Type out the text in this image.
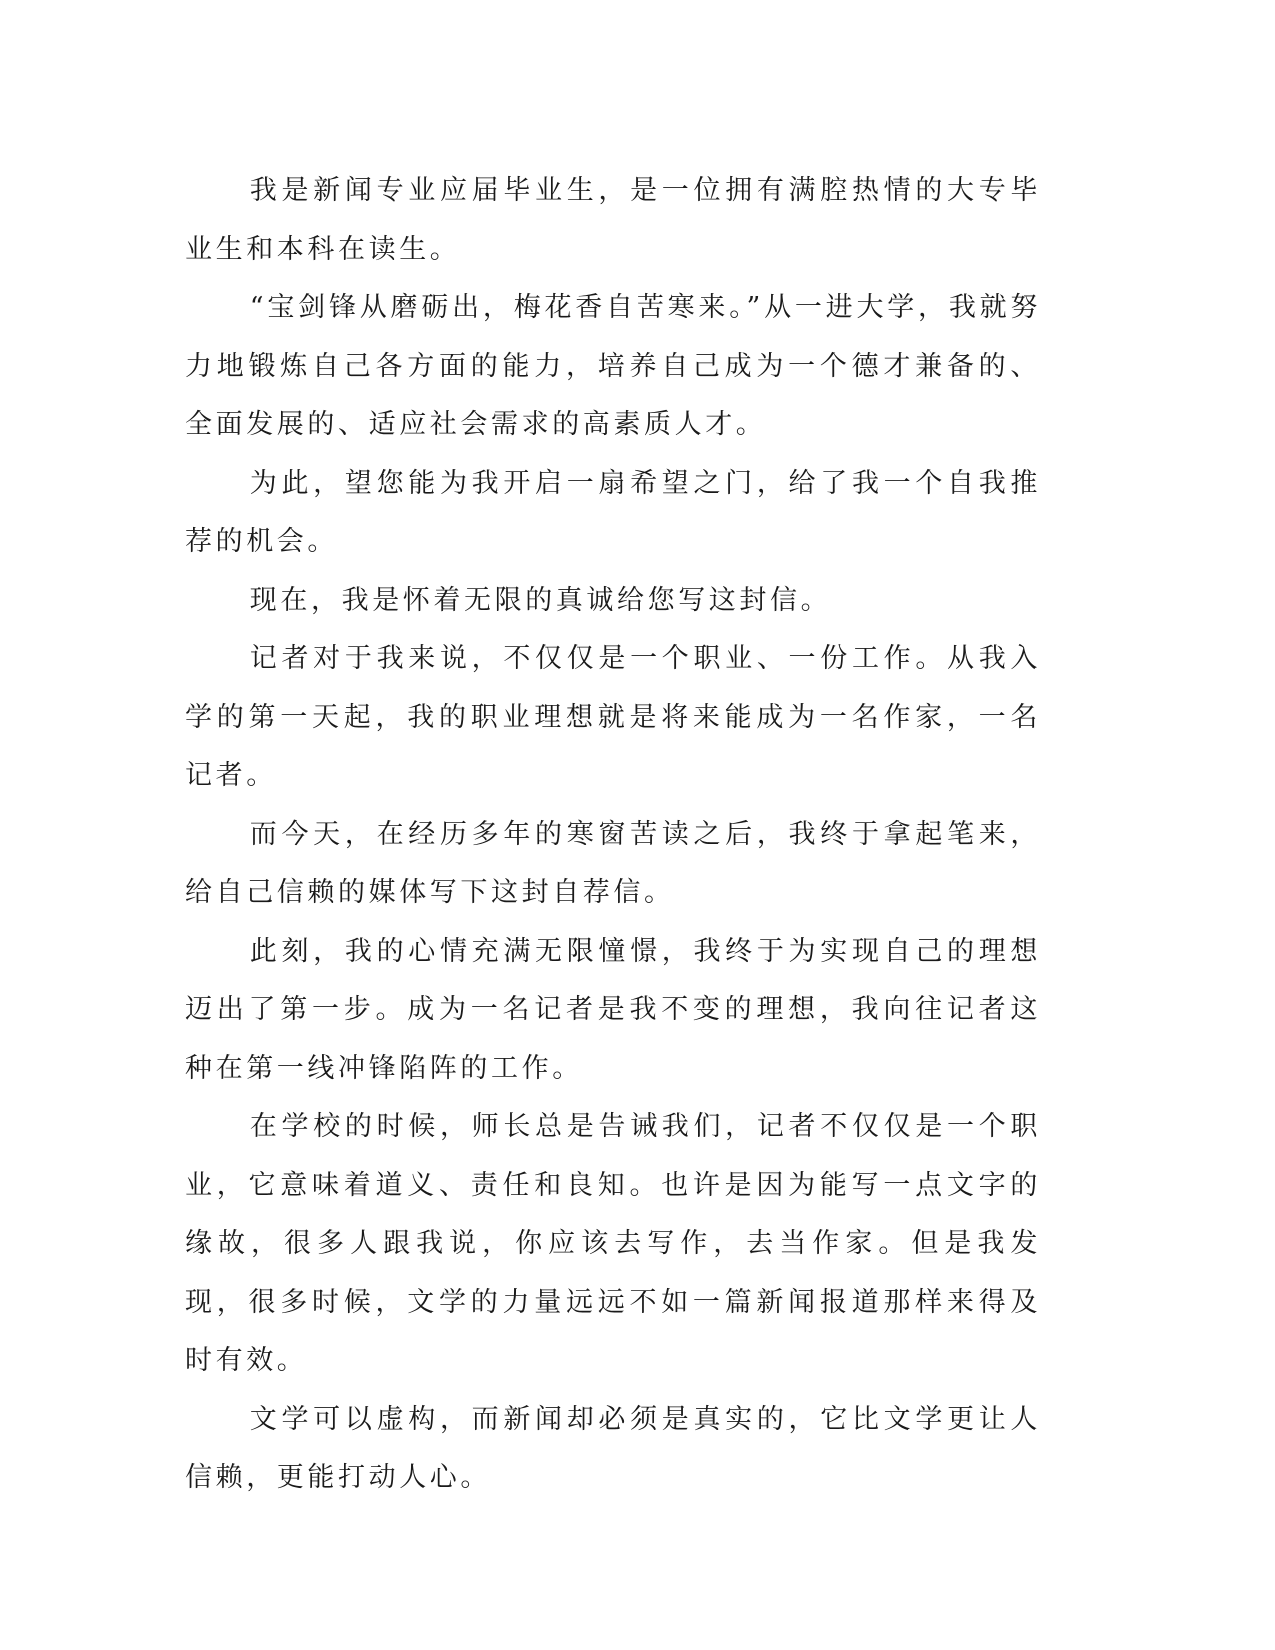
我是新闻专业应届毕业生，是一位拥有满腔热情的大专毕业生和本科在读生。

“宝剑锋从磨砺出，梅花香自苦寒来。”从一进大学，我就努力地锻炼自己各方面的能力，培养自己成为一个德才兼备的、全面发展的、适应社会需求的高素质人才。

为此，望您能为我开启一扇希望之门，给了我一个自我推荐的机会。

现在，我是怀着无限的真诚给您写这封信。

记者对于我来说，不仅仅是一个职业、一份工作。从我入学的第一天起，我的职业理想就是将来能成为一名作家，一名记者。

而今天，在经历多年的寒窗苦读之后，我终于拿起笔来，给自己信赖的媒体写下这封自荐信。

此刻，我的心情充满无限憧憬，我终于为实现自己的理想迈出了第一步。成为一名记者是我不变的理想，我向往记者这种在第一线冲锋陷阵的工作。

在学校的时候，师长总是告诫我们，记者不仅仅是一个职业，它意味着道义、责任和良知。也许是因为能写一点文字的缘故，很多人跟我说，你应该去写作，去当作家。但是我发现，很多时候，文学的力量远远不如一篇新闻报道那样来得及时有效。

文学可以虚构，而新闻却必须是真实的，它比文学更让人信赖，更能打动人心。
